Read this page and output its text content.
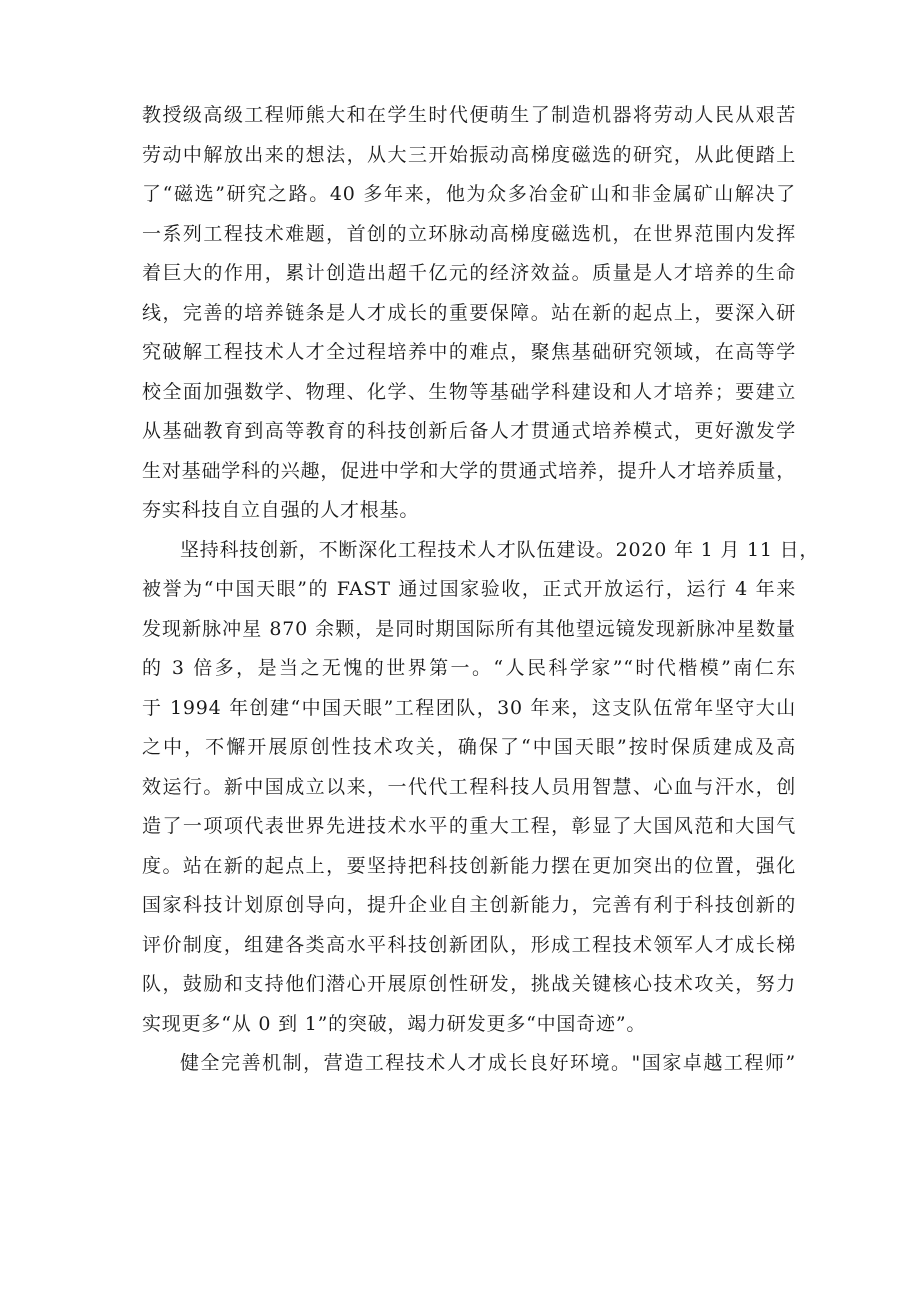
教授级高级工程师熊大和在学生时代便萌生了制造机器将劳动人民从艰苦
劳动中解放出来的想法，从大三开始振动高梯度磁选的研究，从此便踏上
了“磁选”研究之路。40 多年来，他为众多冶金矿山和非金属矿山解决了
一系列工程技术难题，首创的立环脉动高梯度磁选机，在世界范围内发挥
着巨大的作用，累计创造出超千亿元的经济效益。质量是人才培养的生命
线，完善的培养链条是人才成长的重要保障。站在新的起点上，要深入研
究破解工程技术人才全过程培养中的难点，聚焦基础研究领域，在高等学
校全面加强数学、物理、化学、生物等基础学科建设和人才培养；要建立
从基础教育到高等教育的科技创新后备人才贯通式培养模式，更好激发学
生对基础学科的兴趣，促进中学和大学的贯通式培养，提升人才培养质量，
夯实科技自立自强的人才根基。
坚持科技创新，不断深化工程技术人才队伍建设。2020 年 1 月 11 日，
被誉为“中国天眼”的 FAST 通过国家验收，正式开放运行，运行 4 年来
发现新脉冲星 870 余颗，是同时期国际所有其他望远镜发现新脉冲星数量
的 3 倍多，是当之无愧的世界第一。“人民科学家”“时代楷模”南仁东
于 1994 年创建“中国天眼”工程团队，30 年来，这支队伍常年坚守大山
之中，不懈开展原创性技术攻关，确保了“中国天眼”按时保质建成及高
效运行。新中国成立以来，一代代工程科技人员用智慧、心血与汗水，创
造了一项项代表世界先进技术水平的重大工程，彰显了大国风范和大国气
度。站在新的起点上，要坚持把科技创新能力摆在更加突出的位置，强化
国家科技计划原创导向，提升企业自主创新能力，完善有利于科技创新的
评价制度，组建各类高水平科技创新团队，形成工程技术领军人才成长梯
队，鼓励和支持他们潜心开展原创性研发，挑战关键核心技术攻关，努力
实现更多“从 0 到 1”的突破，竭力研发更多“中国奇迹”。
健全完善机制，营造工程技术人才成长良好环境。"国家卓越工程师”
